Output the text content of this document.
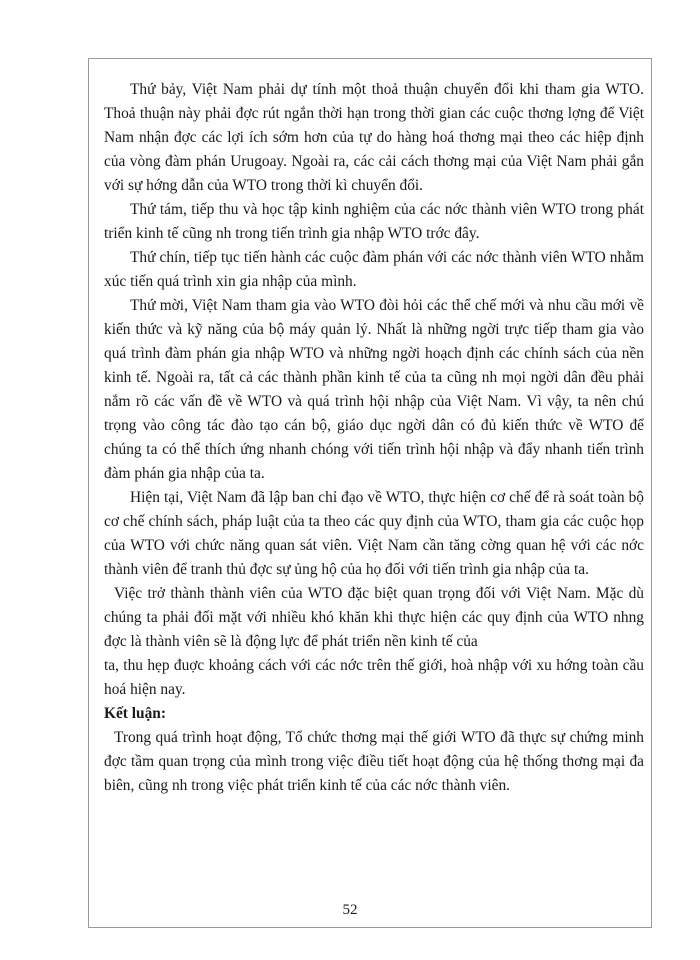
Thứ bảy, Việt Nam phải dự tính một thoả thuận chuyển đổi khi tham gia WTO. Thoả thuận này phải đợc rút ngắn thời hạn trong thời gian các cuộc thơng lợng để Việt Nam nhận đợc các lợi ích sớm hơn của tự do hàng hoá thơng mại theo các hiệp định của vòng đàm phán Urugoay. Ngoài ra, các cải cách thơng mại của Việt Nam phải gắn với sự hớng dẫn của WTO trong thời kì chuyển đổi.

Thứ tám, tiếp thu và học tập kinh nghiệm của các nớc thành viên WTO trong phát triển kinh tế cũng nh trong tiến trình gia nhập WTO trớc đây.

Thứ chín, tiếp tục tiến hành các cuộc đàm phán với các nớc thành viên WTO nhằm xúc tiến quá trình xin gia nhập của mình.

Thứ mời, Việt Nam tham gia vào WTO đòi hỏi các thể chế mới và nhu cầu mới về kiến thức và kỹ năng của bộ máy quản lý. Nhất là những ngời trực tiếp tham gia vào quá trình đàm phán gia nhập WTO và những ngời hoạch định các chính sách của nền kinh tế. Ngoài ra, tất cả các thành phần kinh tế của ta cũng nh mọi ngời dân đều phải nắm rõ các vấn đề về WTO và quá trình hội nhập của Việt Nam. Vì vậy, ta nên chú trọng vào công tác đào tạo cán bộ, giáo dục ngời dân có đủ kiến thức về WTO để chúng ta có thể thích ứng nhanh chóng với tiến trình hội nhập và đẩy nhanh tiến trình đàm phán gia nhập của ta.

Hiện tại, Việt Nam đã lập ban chỉ đạo về WTO, thực hiện cơ chế để rà soát toàn bộ cơ chế chính sách, pháp luật của ta theo các quy định của WTO, tham gia các cuộc họp của WTO với chức năng quan sát viên. Việt Nam cần tăng cờng quan hệ với các nớc thành viên để tranh thủ đợc sự ủng hộ của họ đối với tiến trình gia nhập của ta.

Việc trở thành thành viên của WTO đặc biệt quan trọng đối với Việt Nam. Mặc dù chúng ta phải đối mặt với nhiều khó khăn khi thực hiện các quy định của WTO nhng đợc là thành viên sẽ là động lực để phát triển nền kinh tế của

ta, thu hẹp đuợc khoảng cách với các nớc trên thế giới, hoà nhập với xu hớng toàn cầu hoá hiện nay.

Kết luận:

Trong quá trình hoạt động, Tổ chức thơng mại thế giới WTO đã thực sự chứng minh đợc tầm quan trọng của mình trong việc điều tiết hoạt động của hệ thống thơng mại đa biên, cũng nh trong việc phát triển kinh tế của các nớc thành viên.

52
